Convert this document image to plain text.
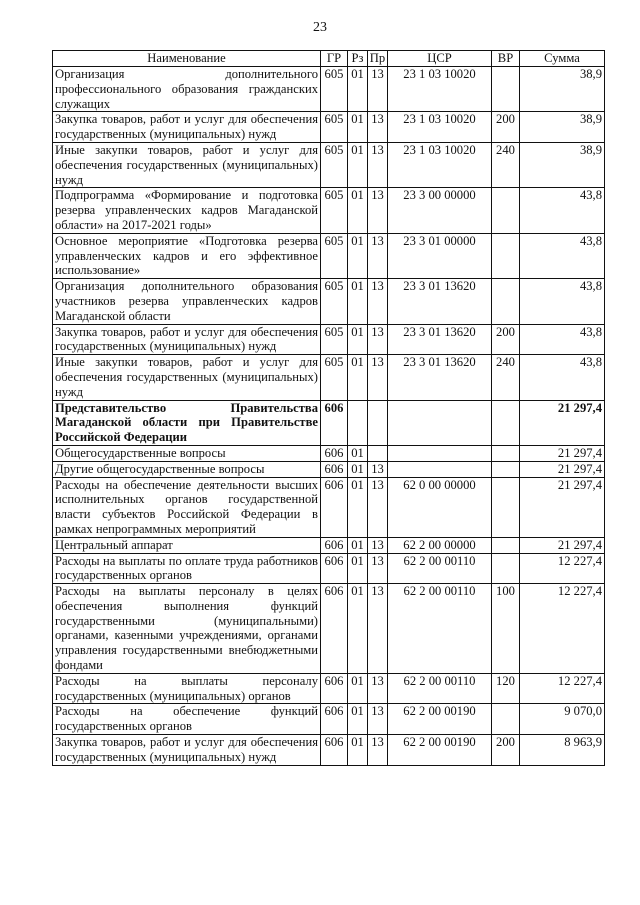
23
Наименование	ГР	Рз	Пр	ЦСР	ВР	Сумма
Организация дополнительного профессионального образования гражданских служащих	605	01	13	23 1 03 10020		38,9
Закупка товаров, работ и услуг для обеспечения государственных (муниципальных) нужд	605	01	13	23 1 03 10020	200	38,9
Иные закупки товаров, работ и услуг для обеспечения государственных (муниципальных) нужд	605	01	13	23 1 03 10020	240	38,9
Подпрограмма «Формирование и подготовка резерва управленческих кадров Магаданской области» на 2017-2021 годы»	605	01	13	23 3 00 00000		43,8
Основное мероприятие «Подготовка резерва управленческих кадров и его эффективное использование»	605	01	13	23 3 01 00000		43,8
Организация дополнительного образования участников резерва управленческих кадров Магаданской области	605	01	13	23 3 01 13620		43,8
Закупка товаров, работ и услуг для обеспечения государственных (муниципальных) нужд	605	01	13	23 3 01 13620	200	43,8
Иные закупки товаров, работ и услуг для обеспечения государственных (муниципальных) нужд	605	01	13	23 3 01 13620	240	43,8
Представительство Правительства Магаданской области при Правительстве Российской Федерации	606					21 297,4
Общегосударственные вопросы	606	01				21 297,4
Другие общегосударственные вопросы	606	01	13			21 297,4
Расходы на обеспечение деятельности высших исполнительных органов государственной власти субъектов Российской Федерации в рамках непрограммных мероприятий	606	01	13	62 0 00 00000		21 297,4
Центральный аппарат	606	01	13	62 2 00 00000		21 297,4
Расходы на выплаты по оплате труда работников государственных органов	606	01	13	62 2 00 00110		12 227,4
Расходы на выплаты персоналу в целях обеспечения выполнения функций государственными (муниципальными) органами, казенными учреждениями, органами управления государственными внебюджетными фондами	606	01	13	62 2 00 00110	100	12 227,4
Расходы на выплаты персоналу государственных (муниципальных) органов	606	01	13	62 2 00 00110	120	12 227,4
Расходы на обеспечение функций государственных органов	606	01	13	62 2 00 00190		9 070,0
Закупка товаров, работ и услуг для обеспечения государственных (муниципальных) нужд	606	01	13	62 2 00 00190	200	8 963,9
